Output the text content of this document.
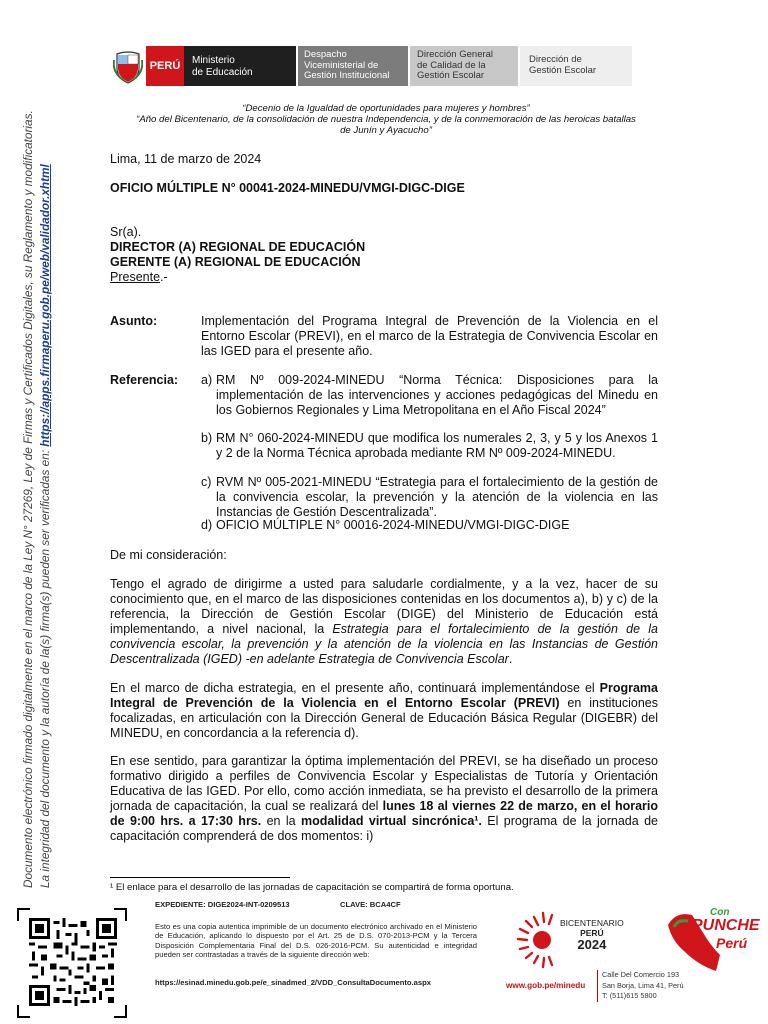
PERÚ Ministerio
de Educación
Despacho
Viceministerial de
Gestión Institucional
Dirección General
de Calidad de la
Gestión Escolar
Dirección de
Gestión Escolar
Documento electrónico firmado digitalmente en el marco de la Ley N° 27269, Ley de Firmas y Certificados Digitales, su Reglamento y modificatorias. La integridad del documento y la autoría de la(s) firma(s) pueden ser verificadas en: https://apps.firmaperu.gob.pe/web/validador.xhtml
“Decenio de la Igualdad de oportunidades para mujeres y hombres”
“Año del Bicentenario, de la consolidación de nuestra Independencia, y de la conmemoración de las heroicas batallas
de Junín y Ayacucho”
Lima, 11 de marzo de 2024
OFICIO MÚLTIPLE N° 00041-2024-MINEDU/VMGI-DIGC-DIGE
Sr(a).
DIRECTOR (A) REGIONAL DE EDUCACIÓN
GERENTE (A) REGIONAL DE EDUCACIÓN
Presente.-
Asunto:	Implementación del Programa Integral de Prevención de la Violencia en el Entorno Escolar (PREVI), en el marco de la Estrategia de Convivencia Escolar en las IGED para el presente año.
Referencia: a) RM Nº 009-2024-MINEDU “Norma Técnica: Disposiciones para la implementación de las intervenciones y acciones pedagógicas del Minedu en los Gobiernos Regionales y Lima Metropolitana en el Año Fiscal 2024”
b) RM N° 060-2024-MINEDU que modifica los numerales 2, 3, y 5 y los Anexos 1 y 2 de la Norma Técnica aprobada mediante RM Nº 009-2024-MINEDU.
c) RVM Nº 005-2021-MINEDU “Estrategia para el fortalecimiento de la gestión de la convivencia escolar, la prevención y la atención de la violencia en las Instancias de Gestión Descentralizada”.
d) OFICIO MÚLTIPLE N° 00016-2024-MINEDU/VMGI-DIGC-DIGE
De mi consideración:
Tengo el agrado de dirigirme a usted para saludarle cordialmente, y a la vez, hacer de su conocimiento que, en el marco de las disposiciones contenidas en los documentos a), b) y c) de la referencia, la Dirección de Gestión Escolar (DIGE) del Ministerio de Educación está implementando, a nivel nacional, la Estrategia para el fortalecimiento de la gestión de la convivencia escolar, la prevención y la atención de la violencia en las Instancias de Gestión Descentralizada (IGED) -en adelante Estrategia de Convivencia Escolar.
En el marco de dicha estrategia, en el presente año, continuará implementándose el Programa Integral de Prevención de la Violencia en el Entorno Escolar (PREVI) en instituciones focalizadas, en articulación con la Dirección General de Educación Básica Regular (DIGEBR) del MINEDU, en concordancia a la referencia d).
En ese sentido, para garantizar la óptima implementación del PREVI, se ha diseñado un proceso formativo dirigido a perfiles de Convivencia Escolar y Especialistas de Tutoría y Orientación Educativa de las IGED. Por ello, como acción inmediata, se ha previsto el desarrollo de la primera jornada de capacitación, la cual se realizará del lunes 18 al viernes 22 de marzo, en el horario de 9:00 hrs. a 17:30 hrs. en la modalidad virtual sincrónica¹. El programa de la jornada de capacitación comprenderá de dos momentos: i)
¹ El enlace para el desarrollo de las jornadas de capacitación se compartirá de forma oportuna.
EXPEDIENTE: DIGE2024-INT-0209513	CLAVE: BCA4CF
Esto es una copia autentica imprimible de un documento electrónico archivado en el Ministerio de Educación, aplicando lo dispuesto por el Art. 25 de D.S. 070-2013-PCM y la Tercera Disposición Complementaria Final del D.S. 026-2016-PCM. Su autenticidad e integridad pueden ser contrastadas a través de la siguiente dirección web:
https://esinad.minedu.gob.pe/e_sinadmed_2/VDD_ConsultaDocumento.aspx
BICENTENARIO
PERÚ
2024
Con
PUNCHE
Perú
www.gob.pe/minedu
Calle Del Comercio 193
San Borja, Lima 41, Perú
T: (511)615 5800
